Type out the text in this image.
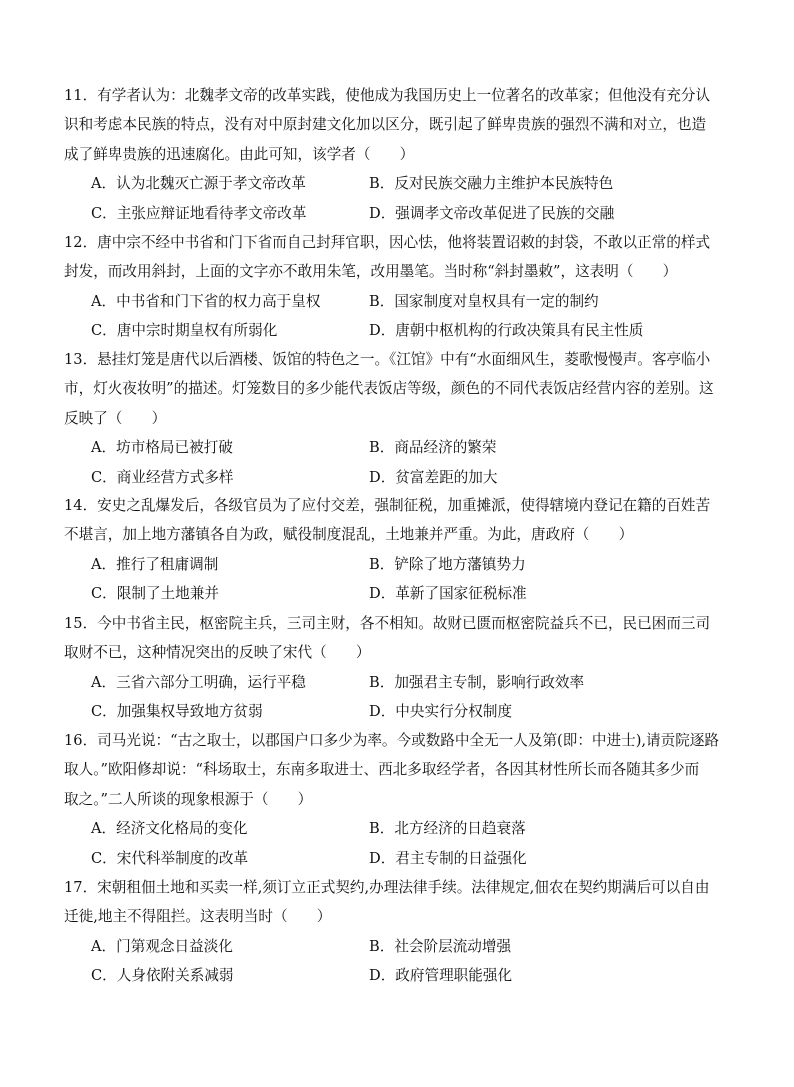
11．有学者认为：北魏孝文帝的改革实践，使他成为我国历史上一位著名的改革家；但他没有充分认
识和考虑本民族的特点，没有对中原封建文化加以区分，既引起了鲜卑贵族的强烈不满和对立，也造
成了鲜卑贵族的迅速腐化。由此可知，该学者（　　）
A．认为北魏灭亡源于孝文帝改革	B．反对民族交融力主维护本民族特色
C．主张应辩证地看待孝文帝改革	D．强调孝文帝改革促进了民族的交融
12．唐中宗不经中书省和门下省而自己封拜官职，因心怯，他将装置诏敕的封袋，不敢以正常的样式
封发，而改用斜封，上面的文字亦不敢用朱笔，改用墨笔。当时称“斜封墨敕”，这表明（　　）
A．中书省和门下省的权力高于皇权	B．国家制度对皇权具有一定的制约
C．唐中宗时期皇权有所弱化	D．唐朝中枢机构的行政决策具有民主性质
13．悬挂灯笼是唐代以后酒楼、饭馆的特色之一。《江馆》中有“水面细风生，菱歌慢慢声。客亭临小
市，灯火夜妆明”的描述。灯笼数目的多少能代表饭店等级，颜色的不同代表饭店经营内容的差别。这
反映了（　　）
A．坊市格局已被打破	B．商品经济的繁荣
C．商业经营方式多样	D．贫富差距的加大
14．安史之乱爆发后，各级官员为了应付交差，强制征税，加重摊派，使得辖境内登记在籍的百姓苦
不堪言，加上地方藩镇各自为政，赋役制度混乱，土地兼并严重。为此，唐政府（　　）
A．推行了租庸调制	B．铲除了地方藩镇势力
C．限制了土地兼并	D．革新了国家征税标准
15．今中书省主民，枢密院主兵，三司主财，各不相知。故财已匮而枢密院益兵不已，民已困而三司
取财不已，这种情况突出的反映了宋代（　　）
A．三省六部分工明确，运行平稳	B．加强君主专制，影响行政效率
C．加强集权导致地方贫弱	D．中央实行分权制度
16．司马光说：“古之取士，以郡国户口多少为率。今或数路中全无一人及第(即：中进士),请贡院逐路
取人。”欧阳修却说：“科场取士，东南多取进士、西北多取经学者，各因其材性所长而各随其多少而
取之。”二人所谈的现象根源于（　　）
A．经济文化格局的变化	B．北方经济的日趋衰落
C．宋代科举制度的改革	D．君主专制的日益强化
17．宋朝租佃土地和买卖一样,须订立正式契约,办理法律手续。法律规定,佃农在契约期满后可以自由
迁徙,地主不得阻拦。这表明当时（　　）
A．门第观念日益淡化	B．社会阶层流动增强
C．人身依附关系减弱	D．政府管理职能强化
